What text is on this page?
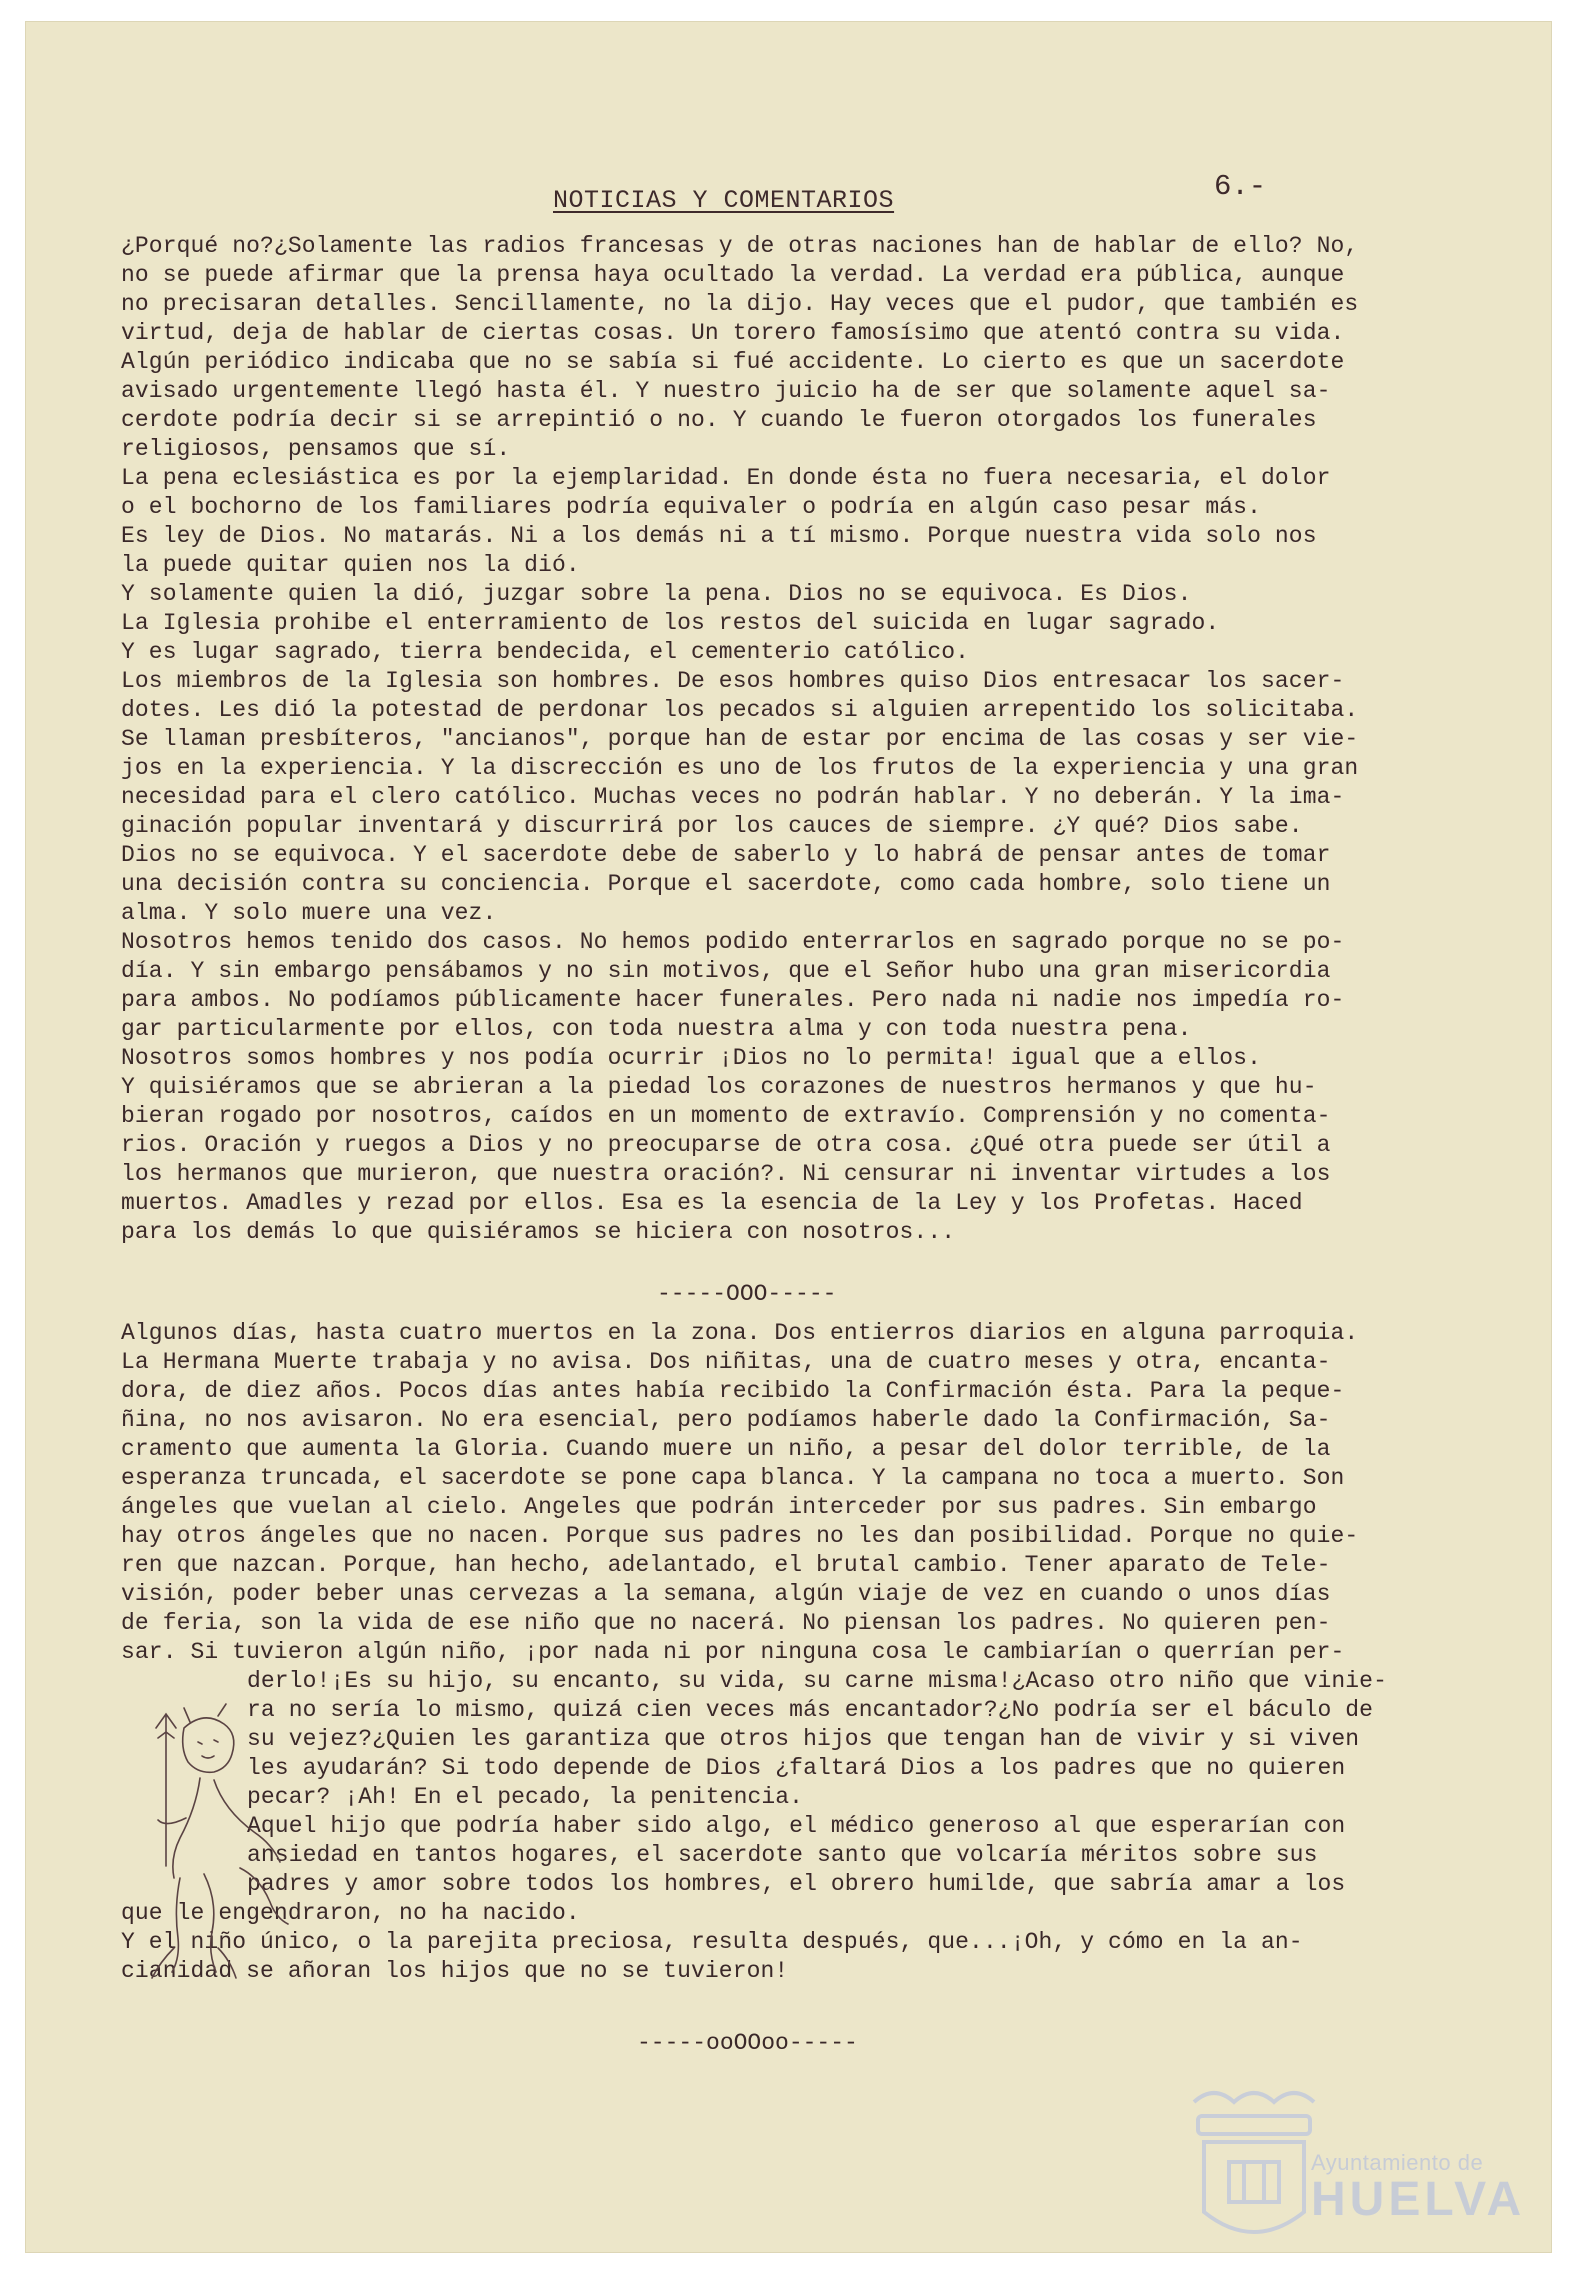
NOTICIAS Y COMENTARIOS	6.-
¿Porqué no?¿Solamente las radios francesas y de otras naciones han de hablar de ello? No,
no se puede afirmar que la prensa haya ocultado la verdad. La verdad era pública, aunque
no precisaran detalles. Sencillamente, no la dijo. Hay veces que el pudor, que también es
virtud, deja de hablar de ciertas cosas. Un torero famosísimo que atentó contra su vida.
Algún periódico indicaba que no se sabía si fué accidente. Lo cierto es que un sacerdote
avisado urgentemente llegó hasta él. Y nuestro juicio ha de ser que solamente aquel sa-
cerdote podría decir si se arrepintió o no. Y cuando le fueron otorgados los funerales
religiosos, pensamos que sí.
La pena eclesiástica es por la ejemplaridad. En donde ésta no fuera necesaria, el dolor
o el bochorno de los familiares podría equivaler o podría en algún caso pesar más.
Es ley de Dios. No matarás. Ni a los demás ni a tí mismo. Porque nuestra vida solo nos
la puede quitar quien nos la dió.
Y solamente quien la dió, juzgar sobre la pena. Dios no se equivoca. Es Dios.
La Iglesia prohibe el enterramiento de los restos del suicida en lugar sagrado.
Y es lugar sagrado, tierra bendecida, el cementerio católico.
Los miembros de la Iglesia son hombres. De esos hombres quiso Dios entresacar los sacer-
dotes. Les dió la potestad de perdonar los pecados si alguien arrepentido los solicitaba.
Se llaman presbíteros, "ancianos", porque han de estar por encima de las cosas y ser vie-
jos en la experiencia. Y la discrección es uno de los frutos de la experiencia y una gran
necesidad para el clero católico. Muchas veces no podrán hablar. Y no deberán. Y la ima-
ginación popular inventará y discurrirá por los cauces de siempre. ¿Y qué? Dios sabe.
Dios no se equivoca. Y el sacerdote debe de saberlo y lo habrá de pensar antes de tomar
una decisión contra su conciencia. Porque el sacerdote, como cada hombre, solo tiene un
alma. Y solo muere una vez.
Nosotros hemos tenido dos casos. No hemos podido enterrarlos en sagrado porque no se po-
día. Y sin embargo pensábamos y no sin motivos, que el Señor hubo una gran misericordia
para ambos. No podíamos públicamente hacer funerales. Pero nada ni nadie nos impedía ro-
gar particularmente por ellos, con toda nuestra alma y con toda nuestra pena.
Nosotros somos hombres y nos podía ocurrir ¡Dios no lo permita! igual que a ellos.
Y quisiéramos que se abrieran a la piedad los corazones de nuestros hermanos y que hu-
bieran rogado por nosotros, caídos en un momento de extravío. Comprensión y no comenta-
rios. Oración y ruegos a Dios y no preocuparse de otra cosa. ¿Qué otra puede ser útil a
los hermanos que murieron, que nuestra oración?. Ni censurar ni inventar virtudes a los
muertos. Amadles y rezad por ellos. Esa es la esencia de la Ley y los Profetas. Haced
para los demás lo que quisiéramos se hiciera con nosotros...
-----OOO-----
Algunos días, hasta cuatro muertos en la zona. Dos entierros diarios en alguna parroquia.
La Hermana Muerte trabaja y no avisa. Dos niñitas, una de cuatro meses y otra, encanta-
dora, de diez años. Pocos días antes había recibido la Confirmación ésta. Para la peque-
ñina, no nos avisaron. No era esencial, pero podíamos haberle dado la Confirmación, Sa-
cramento que aumenta la Gloria. Cuando muere un niño, a pesar del dolor terrible, de la
esperanza truncada, el sacerdote se pone capa blanca. Y la campana no toca a muerto. Son
ángeles que vuelan al cielo. Angeles que podrán interceder por sus padres. Sin embargo
hay otros ángeles que no nacen. Porque sus padres no les dan posibilidad. Porque no quie-
ren que nazcan. Porque, han hecho, adelantado, el brutal cambio. Tener aparato de Tele-
visión, poder beber unas cervezas a la semana, algún viaje de vez en cuando o unos días
de feria, son la vida de ese niño que no nacerá. No piensan los padres. No quieren pen-
sar. Si tuvieron algún niño, ¡por nada ni por ninguna cosa le cambiarían o querrían per-
derlo!¡Es su hijo, su encanto, su vida, su carne misma!¿Acaso otro niño que vinie-
ra no sería lo mismo, quizá cien veces más encantador?¿No podría ser el báculo de
su vejez?¿Quien les garantiza que otros hijos que tengan han de vivir y si viven
les ayudarán? Si todo depende de Dios ¿faltará Dios a los padres que no quieren
pecar? ¡Ah! En el pecado, la penitencia.
Aquel hijo que podría haber sido algo, el médico generoso al que esperarían con
ansiedad en tantos hogares, el sacerdote santo que volcaría méritos sobre sus
padres y amor sobre todos los hombres, el obrero humilde, que sabría amar a los
que le engendraron, no ha nacido.
Y el niño único, o la parejita preciosa, resulta después, que...¡Oh, y cómo en la an-
cianidad se añoran los hijos que no se tuvieron!
-----ooOOoo-----
Ayuntamiento de
HUELVA
